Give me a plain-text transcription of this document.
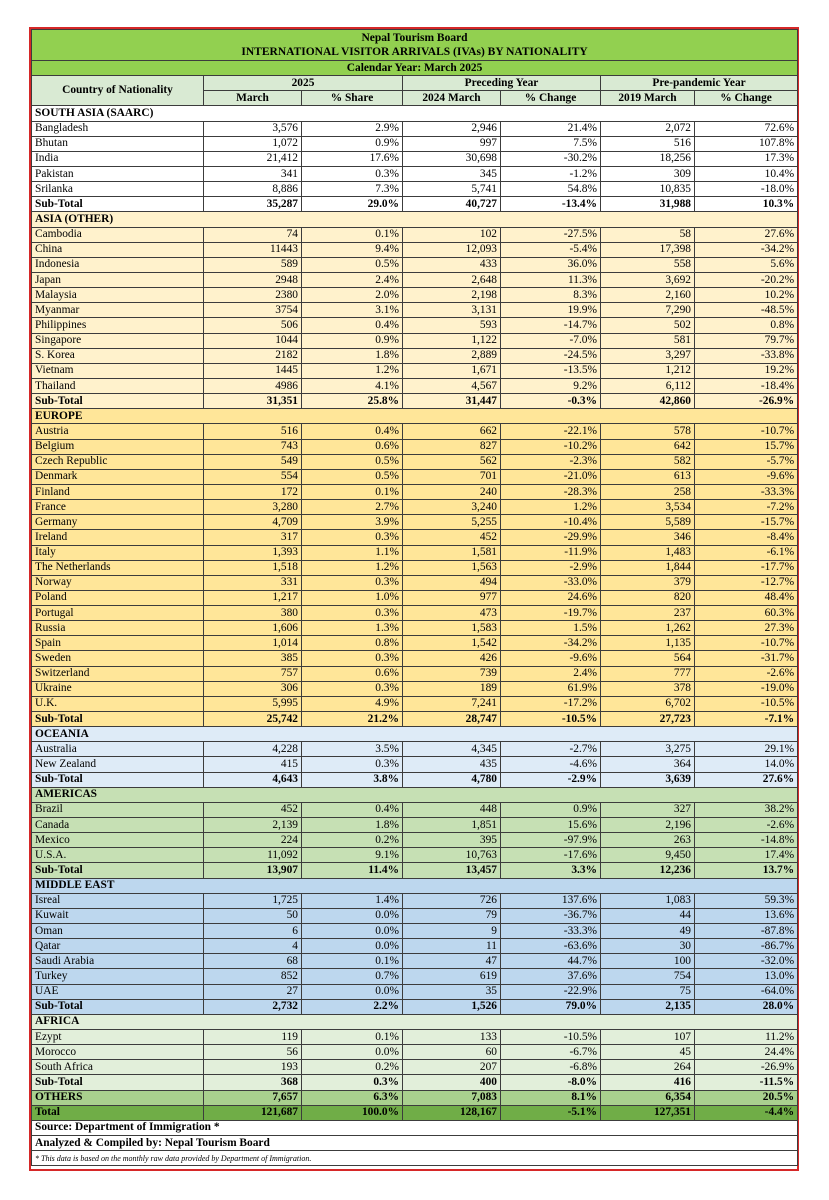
Nepal Tourism Board
INTERNATIONAL VISITOR ARRIVALS (IVAs) BY NATIONALITY						

Calendar Year: March 2025						
Country of Nationality	2025		Preceding Year		Pre-pandemic Year	
	March	% Share	2024 March	% Change	2019 March	% Change
SOUTH ASIA (SAARC)						
Bangladesh	3,576	2.9%	2,946	21.4%	2,072	72.6%
Bhutan	1,072	0.9%	997	7.5%	516	107.8%
India	21,412	17.6%	30,698	-30.2%	18,256	17.3%
Pakistan	341	0.3%	345	-1.2%	309	10.4%
Srilanka	8,886	7.3%	5,741	54.8%	10,835	-18.0%
Sub-Total	35,287	29.0%	40,727	-13.4%	31,988	10.3%
ASIA (OTHER)						
Cambodia	74	0.1%	102	-27.5%	58	27.6%
China	11443	9.4%	12,093	-5.4%	17,398	-34.2%
Indonesia	589	0.5%	433	36.0%	558	5.6%
Japan	2948	2.4%	2,648	11.3%	3,692	-20.2%
Malaysia	2380	2.0%	2,198	8.3%	2,160	10.2%
Myanmar	3754	3.1%	3,131	19.9%	7,290	-48.5%
Philippines	506	0.4%	593	-14.7%	502	0.8%
Singapore	1044	0.9%	1,122	-7.0%	581	79.7%
S. Korea	2182	1.8%	2,889	-24.5%	3,297	-33.8%
Vietnam	1445	1.2%	1,671	-13.5%	1,212	19.2%
Thailand	4986	4.1%	4,567	9.2%	6,112	-18.4%
Sub-Total	31,351	25.8%	31,447	-0.3%	42,860	-26.9%
EUROPE						
Austria	516	0.4%	662	-22.1%	578	-10.7%
Belgium	743	0.6%	827	-10.2%	642	15.7%
Czech Republic	549	0.5%	562	-2.3%	582	-5.7%
Denmark	554	0.5%	701	-21.0%	613	-9.6%
Finland	172	0.1%	240	-28.3%	258	-33.3%
France	3,280	2.7%	3,240	1.2%	3,534	-7.2%
Germany	4,709	3.9%	5,255	-10.4%	5,589	-15.7%
Ireland	317	0.3%	452	-29.9%	346	-8.4%
Italy	1,393	1.1%	1,581	-11.9%	1,483	-6.1%
The Netherlands	1,518	1.2%	1,563	-2.9%	1,844	-17.7%
Norway	331	0.3%	494	-33.0%	379	-12.7%
Poland	1,217	1.0%	977	24.6%	820	48.4%
Portugal	380	0.3%	473	-19.7%	237	60.3%
Russia	1,606	1.3%	1,583	1.5%	1,262	27.3%
Spain	1,014	0.8%	1,542	-34.2%	1,135	-10.7%
Sweden	385	0.3%	426	-9.6%	564	-31.7%
Switzerland	757	0.6%	739	2.4%	777	-2.6%
Ukraine	306	0.3%	189	61.9%	378	-19.0%
U.K.	5,995	4.9%	7,241	-17.2%	6,702	-10.5%
Sub-Total	25,742	21.2%	28,747	-10.5%	27,723	-7.1%
OCEANIA						
Australia	4,228	3.5%	4,345	-2.7%	3,275	29.1%
New Zealand	415	0.3%	435	-4.6%	364	14.0%
Sub-Total	4,643	3.8%	4,780	-2.9%	3,639	27.6%
AMERICAS						
Brazil	452	0.4%	448	0.9%	327	38.2%
Canada	2,139	1.8%	1,851	15.6%	2,196	-2.6%
Mexico	224	0.2%	395	-97.9%	263	-14.8%
U.S.A.	11,092	9.1%	10,763	-17.6%	9,450	17.4%
Sub-Total	13,907	11.4%	13,457	3.3%	12,236	13.7%
MIDDLE EAST						
Isreal	1,725	1.4%	726	137.6%	1,083	59.3%
Kuwait	50	0.0%	79	-36.7%	44	13.6%
Oman	6	0.0%	9	-33.3%	49	-87.8%
Qatar	4	0.0%	11	-63.6%	30	-86.7%
Saudi Arabia	68	0.1%	47	44.7%	100	-32.0%
Turkey	852	0.7%	619	37.6%	754	13.0%
UAE	27	0.0%	35	-22.9%	75	-64.0%
Sub-Total	2,732	2.2%	1,526	79.0%	2,135	28.0%
AFRICA						
Ezypt	119	0.1%	133	-10.5%	107	11.2%
Morocco	56	0.0%	60	-6.7%	45	24.4%
South Africa	193	0.2%	207	-6.8%	264	-26.9%
Sub-Total	368	0.3%	400	-8.0%	416	-11.5%
OTHERS	7,657	6.3%	7,083	8.1%	6,354	20.5%
Total	121,687	100.0%	128,167	-5.1%	127,351	-4.4%
Source: Department of Immigration *						
Analyzed & Compiled by: Nepal Tourism Board						
* This data is based on the monthly raw data provided by Department of Immigration.						
